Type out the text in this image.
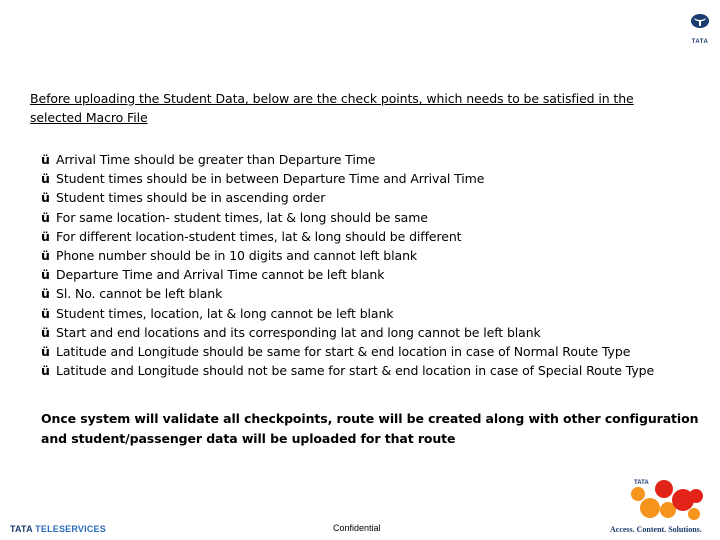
TATA
Before uploading the Student Data, below are the check points, which needs to be satisfied in the selected Macro File
ü Arrival Time should be greater than Departure Time
ü Student times should be in between Departure Time and Arrival Time
ü Student times should be in ascending order
ü For same location- student times, lat & long should be same
ü For different location-student times, lat & long should be different
ü Phone number should be in 10 digits and cannot left blank
ü Departure Time and Arrival Time cannot be left blank
ü Sl. No. cannot be left blank
ü Student times, location, lat & long cannot be left blank
ü Start and end locations and its corresponding lat and long cannot be left blank
ü Latitude and Longitude should be same for start & end location in case of Normal Route Type
ü Latitude and Longitude should not be same for start & end location in case of Special Route Type
Once system will validate all checkpoints, route will be created along with other configuration and student/passenger data will be uploaded for that route
TATA TELESERVICES	Confidential
TATA
Access. Content. Solutions.
